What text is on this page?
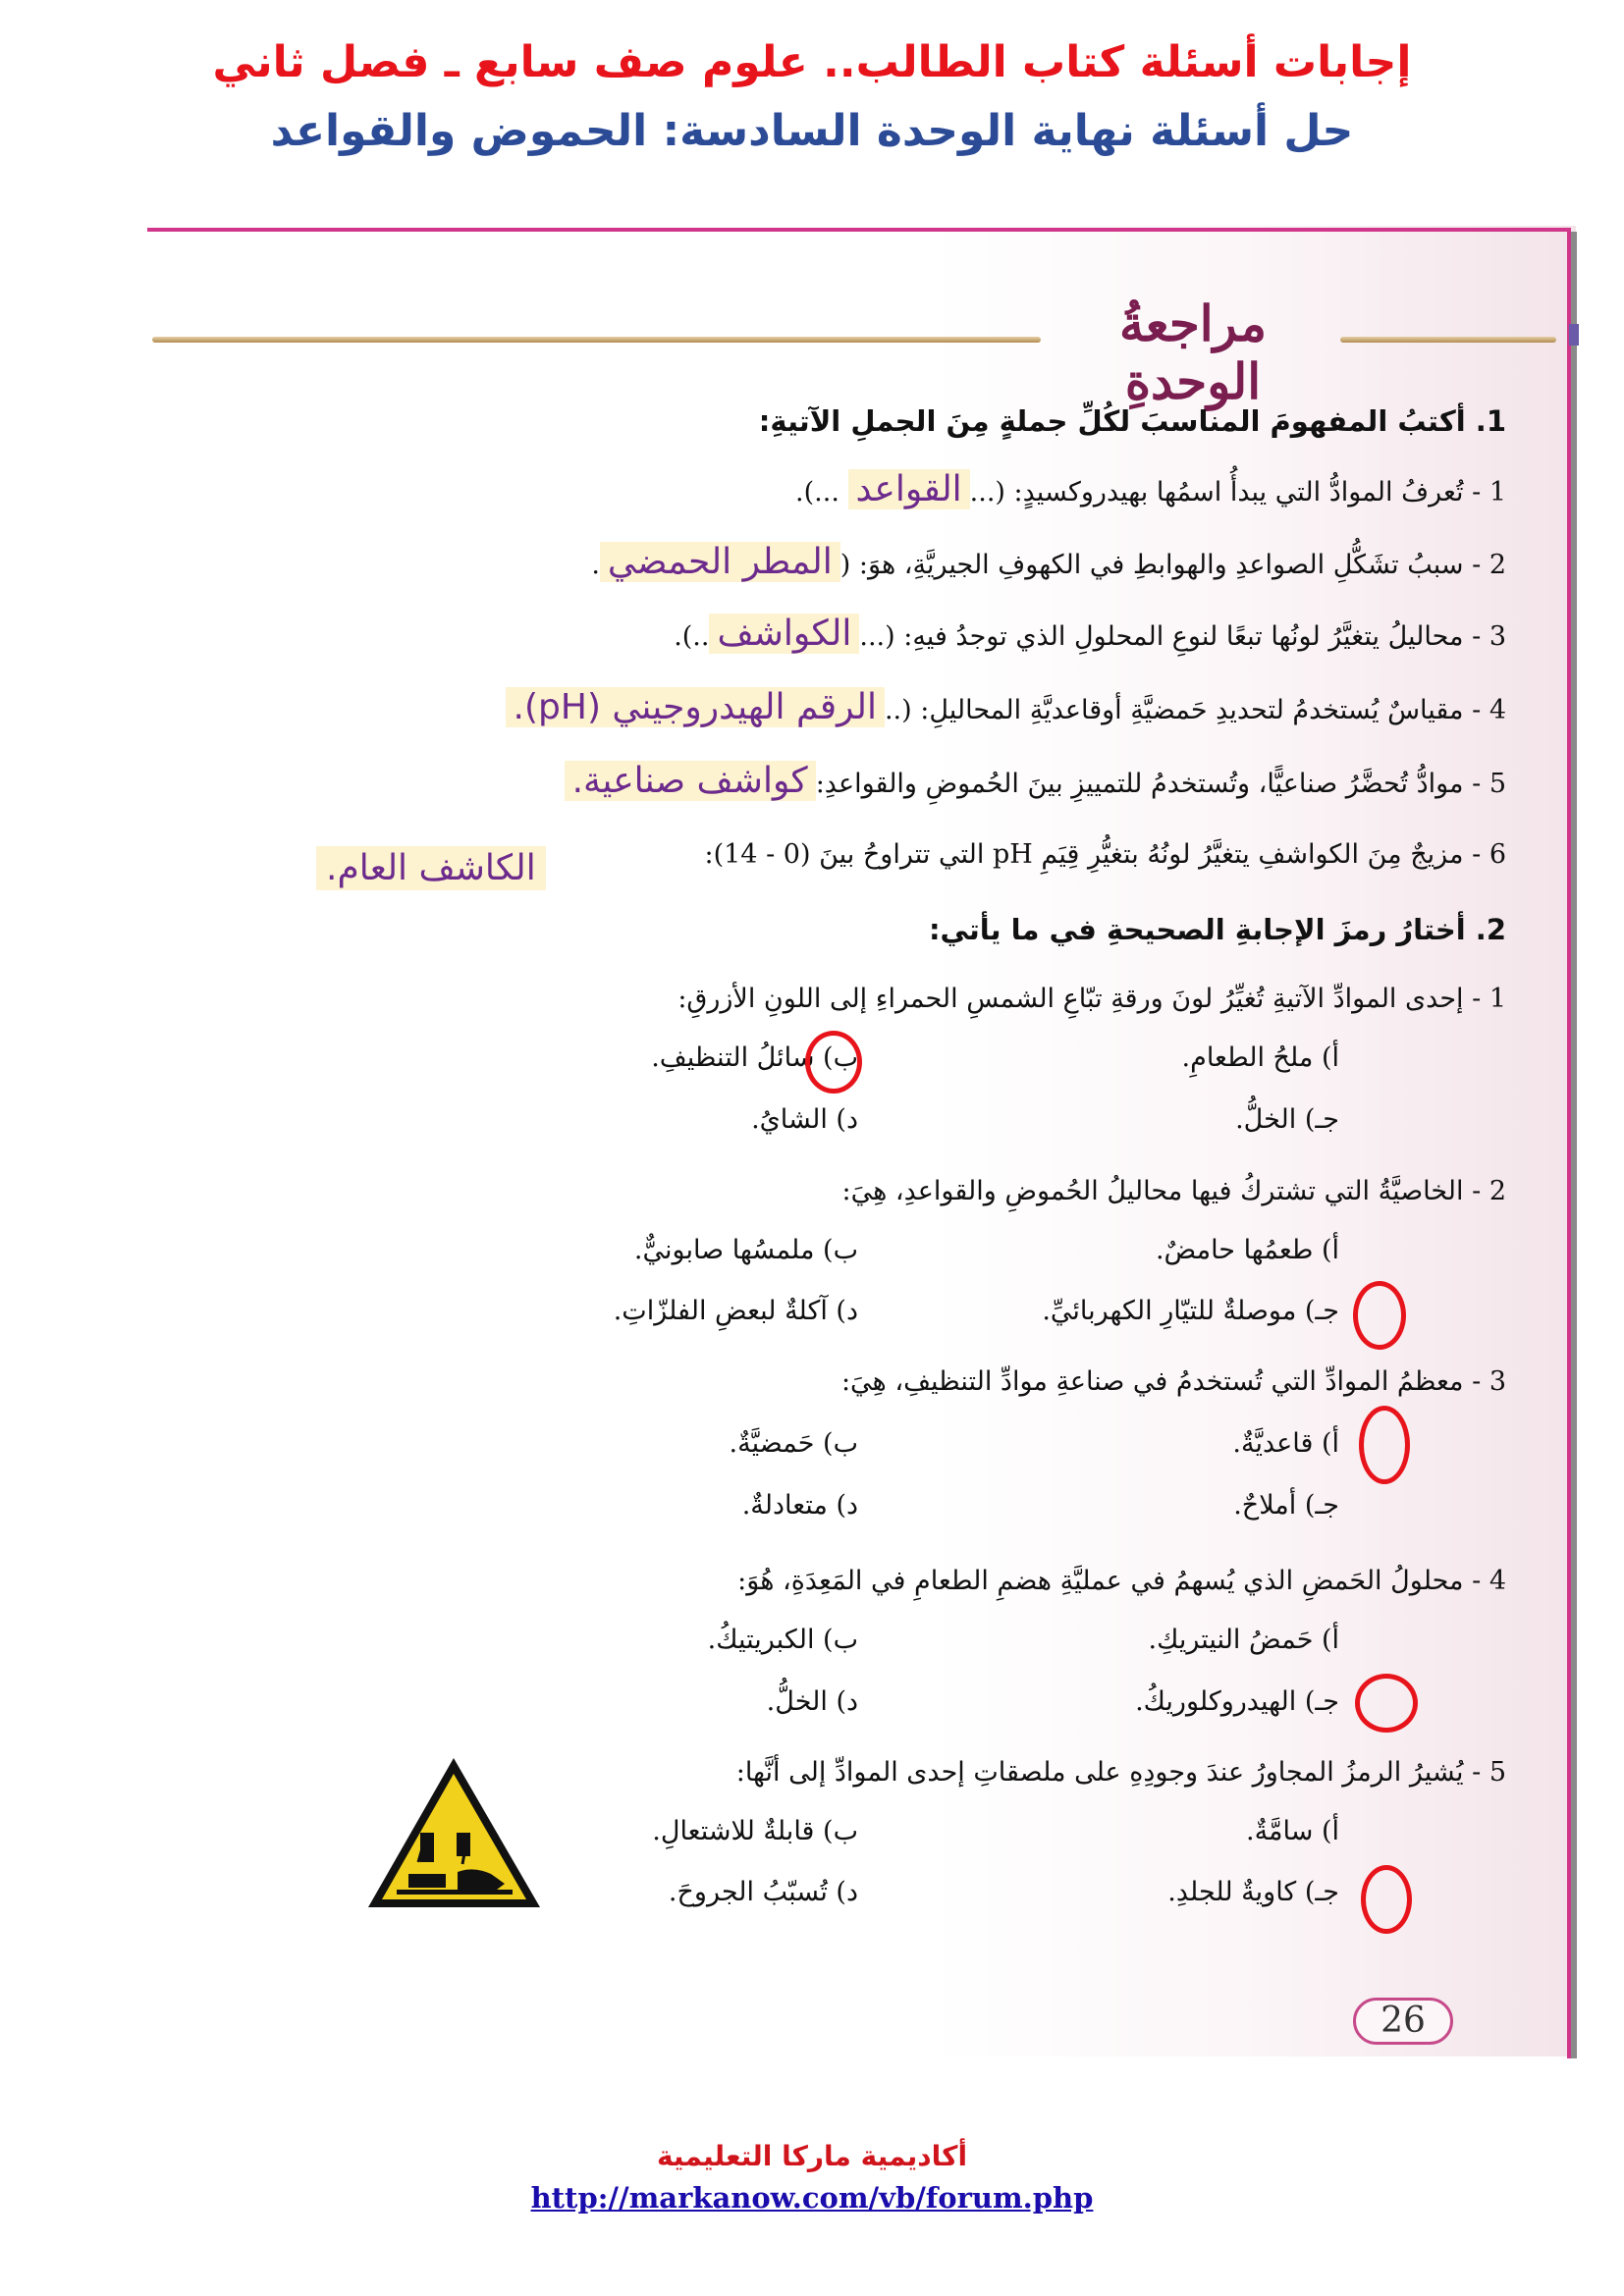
إجابات أسئلة كتاب الطالب.. علوم صف سابع ـ فصل ثاني
حل أسئلة نهاية الوحدة السادسة: الحموض والقواعد
مراجعةُ الوحدةِ
1. أكتبُ المفهومَ المناسبَ لكُلِّ جملةٍ مِنَ الجملِ الآتيةِ:
1 - تُعرفُ الموادُّ التي يبدأُ اسمُها بهيدروكسيدٍ: (...القواعد ...).
2 - سببُ تشَكُّلِ الصواعدِ والهوابطِ في الكهوفِ الجيريَّةِ، هوَ: (المطر الحمضي.
3 - محاليلُ يتغيَّرُ لونُها تبعًا لنوعِ المحلولِ الذي توجدُ فيهِ: (...الكواشف..).
4 - مقياسٌ يُستخدمُ لتحديدِ حَمضيَّةِ أوقاعديَّةِ المحاليلِ: (..الرقم الهيدروجيني (pH).
5 - موادُّ تُحضَّرُ صناعيًّا، وتُستخدمُ للتمييزِ بينَ الحُموضِ والقواعدِ:كواشف صناعية.
6 - مزيجٌ مِنَ الكواشفِ يتغيَّرُ لونُهُ بتغيُّرِ قِيَمِ pH التي تتراوحُ بينَ (0 - 14):
الكاشف العام.
2. أختارُ رمزَ الإجابةِ الصحيحةِ في ما يأتي:
1 - إحدى الموادِّ الآتيةِ تُغيِّرُ لونَ ورقةِ تبّاعِ الشمسِ الحمراءِ إلى اللونِ الأزرقِ:
أ) ملحُ الطعامِ.
ب) سائلُ التنظيفِ.
جـ) الخلُّ.
د) الشايُ.
2 - الخاصيَّةُ التي تشتركُ فيها محاليلُ الحُموضِ والقواعدِ، هِيَ:
أ) طعمُها حامضٌ.
ب) ملمسُها صابونيٌّ.
جـ) موصلةٌ للتيّارِ الكهربائيِّ.
د) آكلةٌ لبعضِ الفلزّاتِ.
3 - معظمُ الموادِّ التي تُستخدمُ في صناعةِ موادِّ التنظيفِ، هِيَ:
أ) قاعديَّةٌ.
ب) حَمضيَّةٌ.
جـ) أملاحٌ.
د) متعادلةٌ.
4 - محلولُ الحَمضِ الذي يُسهمُ في عمليَّةِ هضمِ الطعامِ في المَعِدَةِ، هُوَ:
أ) حَمضُ النيتريكِ.
ب) الكبريتيكُ.
جـ) الهيدروكلوريكُ.
د) الخلُّ.
5 - يُشيرُ الرمزُ المجاورُ عندَ وجودِهِ على ملصقاتِ إحدى الموادِّ إلى أنَّها:
أ) سامَّةٌ.
ب) قابلةٌ للاشتعالِ.
جـ) كاويةٌ للجلدِ.
د) تُسبّبُ الجروحَ.
26
أكاديمية ماركا التعليمية
http://markanow.com/vb/forum.php
